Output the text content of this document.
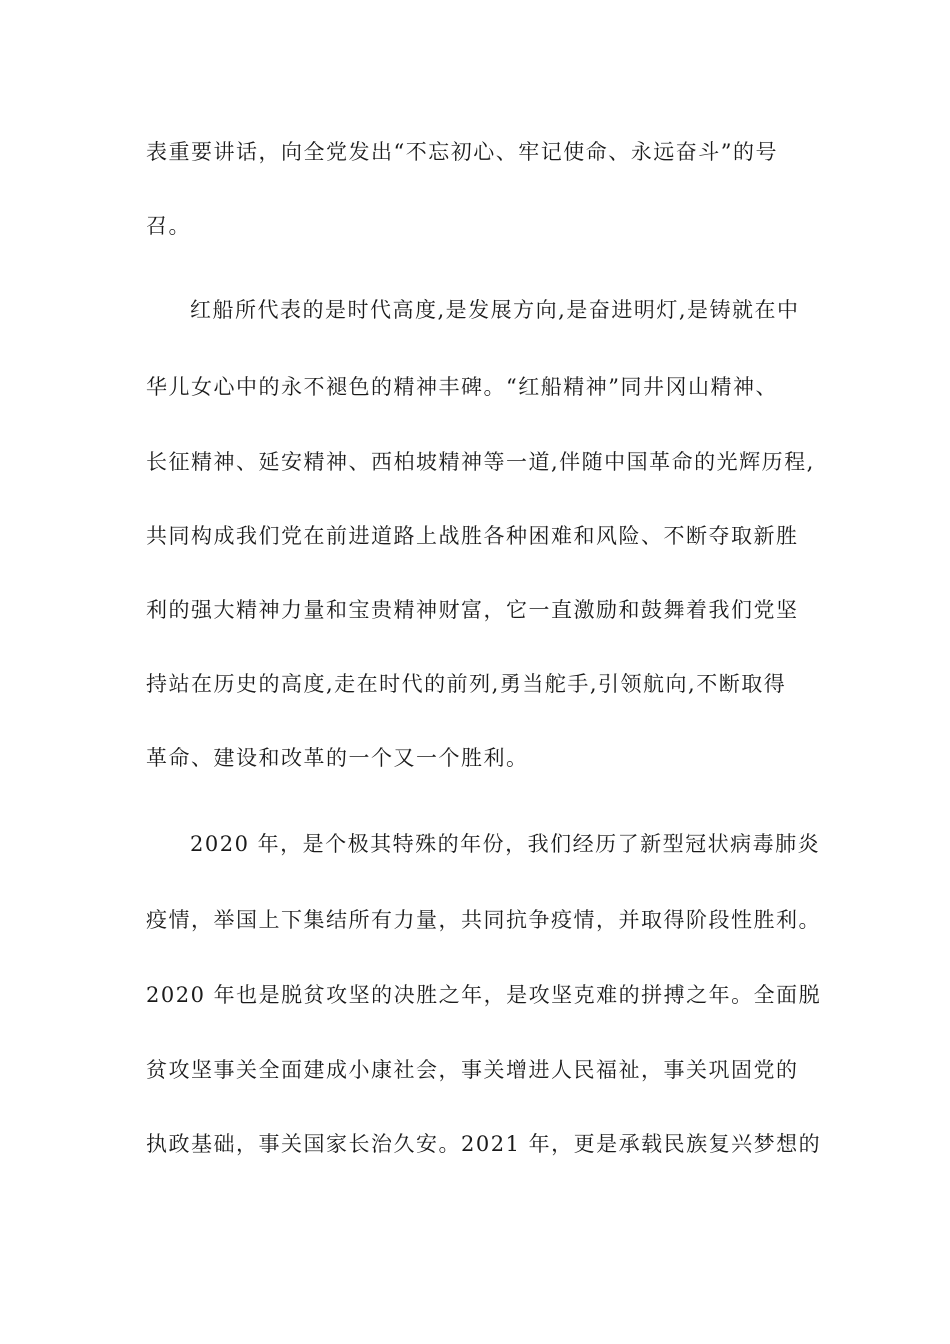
表重要讲话，向全党发出“不忘初心、牢记使命、永远奋斗”的号
召。
红船所代表的是时代高度,是发展方向,是奋进明灯,是铸就在中
华儿女心中的永不褪色的精神丰碑。“红船精神”同井冈山精神、
长征精神、延安精神、西柏坡精神等一道,伴随中国革命的光辉历程,
共同构成我们党在前进道路上战胜各种困难和风险、不断夺取新胜
利的强大精神力量和宝贵精神财富，它一直激励和鼓舞着我们党坚
持站在历史的高度,走在时代的前列,勇当舵手,引领航向,不断取得
革命、建设和改革的一个又一个胜利。
2020 年，是个极其特殊的年份，我们经历了新型冠状病毒肺炎
疫情，举国上下集结所有力量，共同抗争疫情，并取得阶段性胜利。
2020 年也是脱贫攻坚的决胜之年，是攻坚克难的拼搏之年。全面脱
贫攻坚事关全面建成小康社会，事关增进人民福祉，事关巩固党的
执政基础，事关国家长治久安。2021 年，更是承载民族复兴梦想的
